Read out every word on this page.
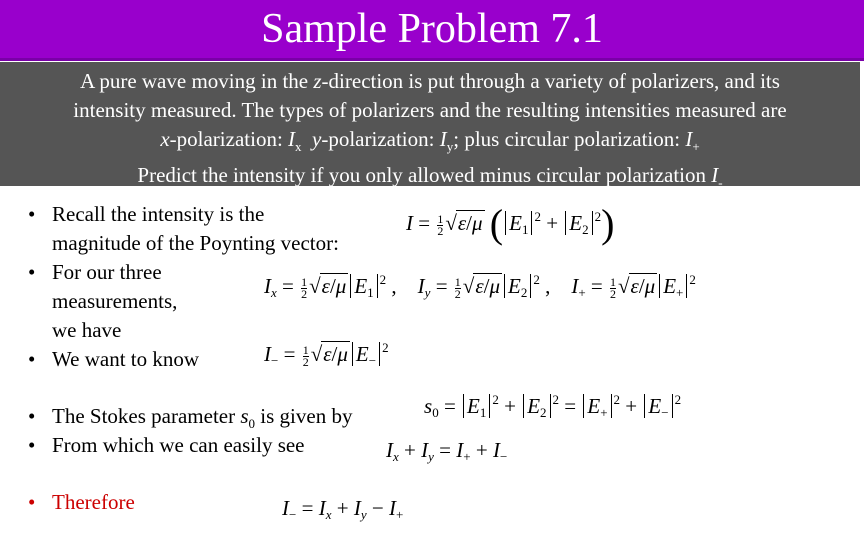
Sample Problem 7.1
A pure wave moving in the z-direction is put through a variety of polarizers, and its
intensity measured. The types of polarizers and the resulting intensities measured are
x-polarization: $I_x$ y-polarization: $I_y$; plus circular polarization: $I_+$
Predict the intensity if you only allowed minus circular polarization $I_-$
• Recall the intensity is the
magnitude of the Poynting vector:
• For our three
measurements,
we have
• We want to know
• The Stokes parameter $s_0$ is given by
• From which we can easily see
• Therefore
$I = \frac{1}{2} √\varepsilon/\mu$ ( $E_1^2 + E_2^2$)
$I_x = \frac{1}{2} √\varepsilon/\mu$ $E_1^2$ ,    $I_y = \frac{1}{2} √\varepsilon/\mu$ $E_2^2$ ,    $I_+ = \frac{1}{2} √\varepsilon/\mu$ $E_+^2$
$I_- = \frac{1}{2} √\varepsilon/\mu$ $E_-^2$
$s_0 = E_1^2 + E_2^2 = E_+^2 + E_-^2$
$I_x + I_y = I_+ + I_-$
$I_- = I_x + I_y - I_+$
